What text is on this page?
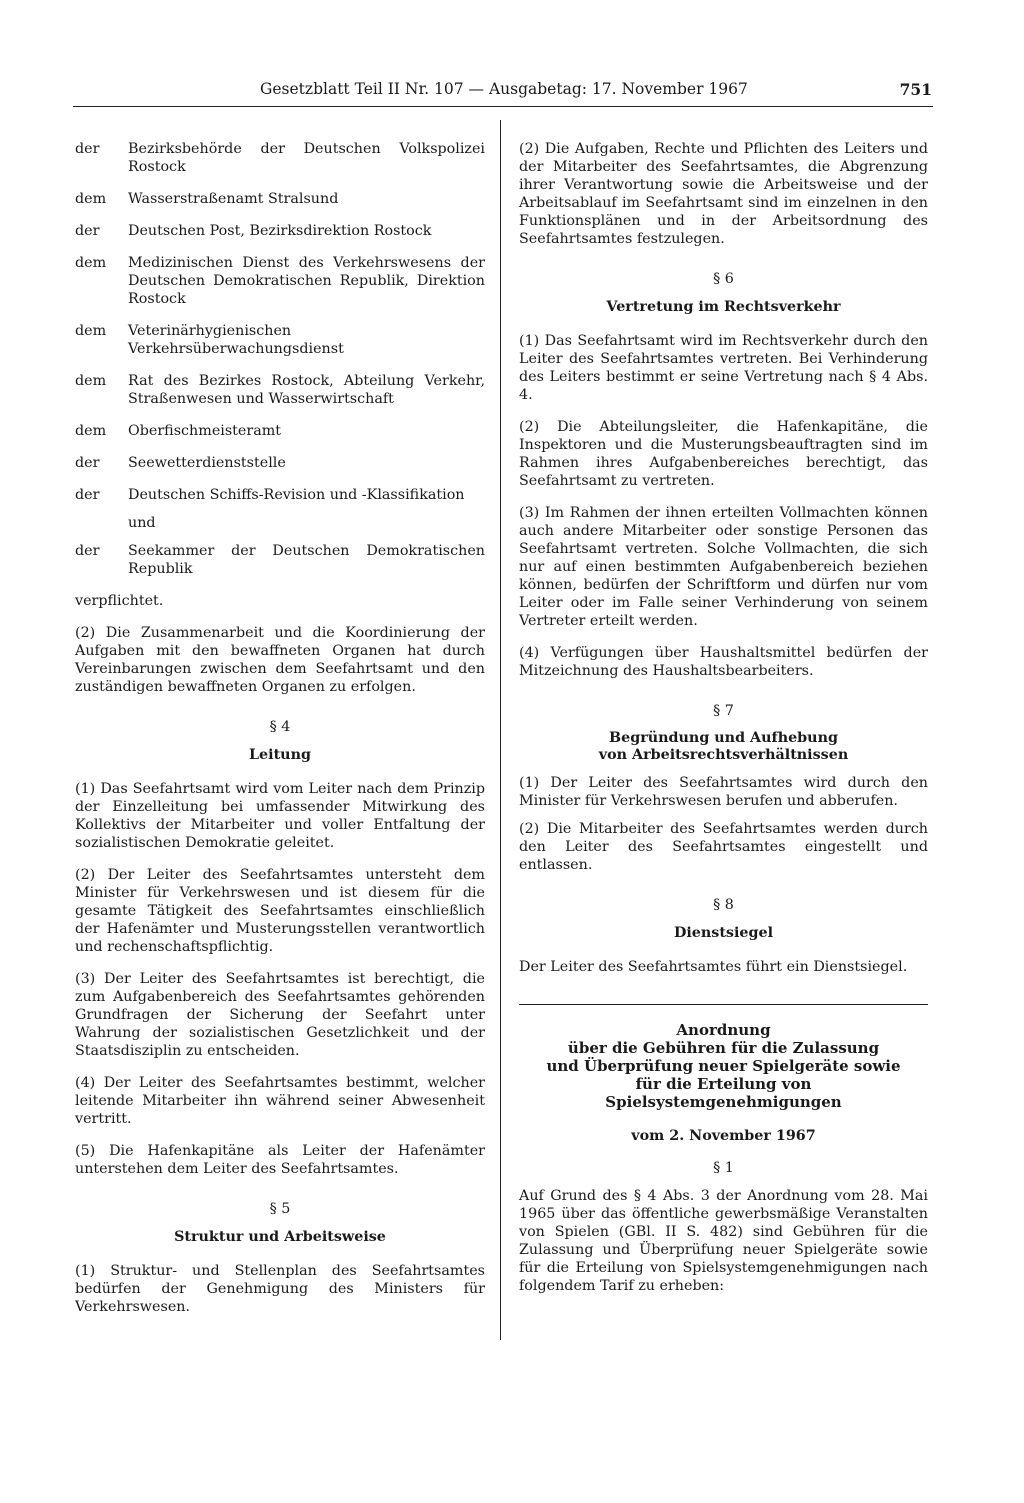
Gesetzblatt Teil II Nr. 107 — Ausgabetag: 17. November 1967	751
der	Bezirksbehörde der Deutschen Volkspolizei Rostock
dem	Wasserstraßenamt Stralsund
der	Deutschen Post, Bezirksdirektion Rostock
dem	Medizinischen Dienst des Verkehrswesens der Deutschen Demokratischen Republik, Direktion Rostock
dem	Veterinärhygienischen Verkehrsüberwachungsdienst
dem	Rat des Bezirkes Rostock, Abteilung Verkehr, Straßenwesen und Wasserwirtschaft
dem	Oberfischmeisteramt
der	Seewetterdienststelle
der	Deutschen Schiffs-Revision und -Klassifikation
und
der	Seekammer der Deutschen Demokratischen Republik

verpflichtet.

(2) Die Zusammenarbeit und die Koordinierung der Aufgaben mit den bewaffneten Organen hat durch Vereinbarungen zwischen dem Seefahrtsamt und den zuständigen bewaffneten Organen zu erfolgen.

§ 4
Leitung

(1) Das Seefahrtsamt wird vom Leiter nach dem Prinzip der Einzelleitung bei umfassender Mitwirkung des Kollektivs der Mitarbeiter und voller Entfaltung der sozialistischen Demokratie geleitet.

(2) Der Leiter des Seefahrtsamtes untersteht dem Minister für Verkehrswesen und ist diesem für die gesamte Tätigkeit des Seefahrtsamtes einschließlich der Hafenämter und Musterungsstellen verantwortlich und rechenschaftspflichtig.

(3) Der Leiter des Seefahrtsamtes ist berechtigt, die zum Aufgabenbereich des Seefahrtsamtes gehörenden Grundfragen der Sicherung der Seefahrt unter Wahrung der sozialistischen Gesetzlichkeit und der Staatsdisziplin zu entscheiden.

(4) Der Leiter des Seefahrtsamtes bestimmt, welcher leitende Mitarbeiter ihn während seiner Abwesenheit vertritt.

(5) Die Hafenkapitäne als Leiter der Hafenämter unterstehen dem Leiter des Seefahrtsamtes.

§ 5
Struktur und Arbeitsweise

(1) Struktur- und Stellenplan des Seefahrtsamtes bedürfen der Genehmigung des Ministers für Verkehrswesen.

(2) Die Aufgaben, Rechte und Pflichten des Leiters und der Mitarbeiter des Seefahrtsamtes, die Abgrenzung ihrer Verantwortung sowie die Arbeitsweise und der Arbeitsablauf im Seefahrtsamt sind im einzelnen in den Funktionsplänen und in der Arbeitsordnung des Seefahrtsamtes festzulegen.

§ 6
Vertretung im Rechtsverkehr

(1) Das Seefahrtsamt wird im Rechtsverkehr durch den Leiter des Seefahrtsamtes vertreten. Bei Verhinderung des Leiters bestimmt er seine Vertretung nach § 4 Abs. 4.

(2) Die Abteilungsleiter, die Hafenkapitäne, die Inspektoren und die Musterungsbeauftragten sind im Rahmen ihres Aufgabenbereiches berechtigt, das Seefahrtsamt zu vertreten.

(3) Im Rahmen der ihnen erteilten Vollmachten können auch andere Mitarbeiter oder sonstige Personen das Seefahrtsamt vertreten. Solche Vollmachten, die sich nur auf einen bestimmten Aufgabenbereich beziehen können, bedürfen der Schriftform und dürfen nur vom Leiter oder im Falle seiner Verhinderung von seinem Vertreter erteilt werden.

(4) Verfügungen über Haushaltsmittel bedürfen der Mitzeichnung des Haushaltsbearbeiters.

§ 7
Begründung und Aufhebung
von Arbeitsrechtsverhältnissen

(1) Der Leiter des Seefahrtsamtes wird durch den Minister für Verkehrswesen berufen und abberufen.

(2) Die Mitarbeiter des Seefahrtsamtes werden durch den Leiter des Seefahrtsamtes eingestellt und entlassen.

§ 8
Dienstsiegel

Der Leiter des Seefahrtsamtes führt ein Dienstsiegel.

Anordnung
über die Gebühren für die Zulassung
und Überprüfung neuer Spielgeräte sowie
für die Erteilung von Spielsystemgenehmigungen
vom 2. November 1967
§ 1

Auf Grund des § 4 Abs. 3 der Anordnung vom 28. Mai 1965 über das öffentliche gewerbsmäßige Veranstalten von Spielen (GBl. II S. 482) sind Gebühren für die Zulassung und Überprüfung neuer Spielgeräte sowie für die Erteilung von Spielsystemgenehmigungen nach folgendem Tarif zu erheben:
